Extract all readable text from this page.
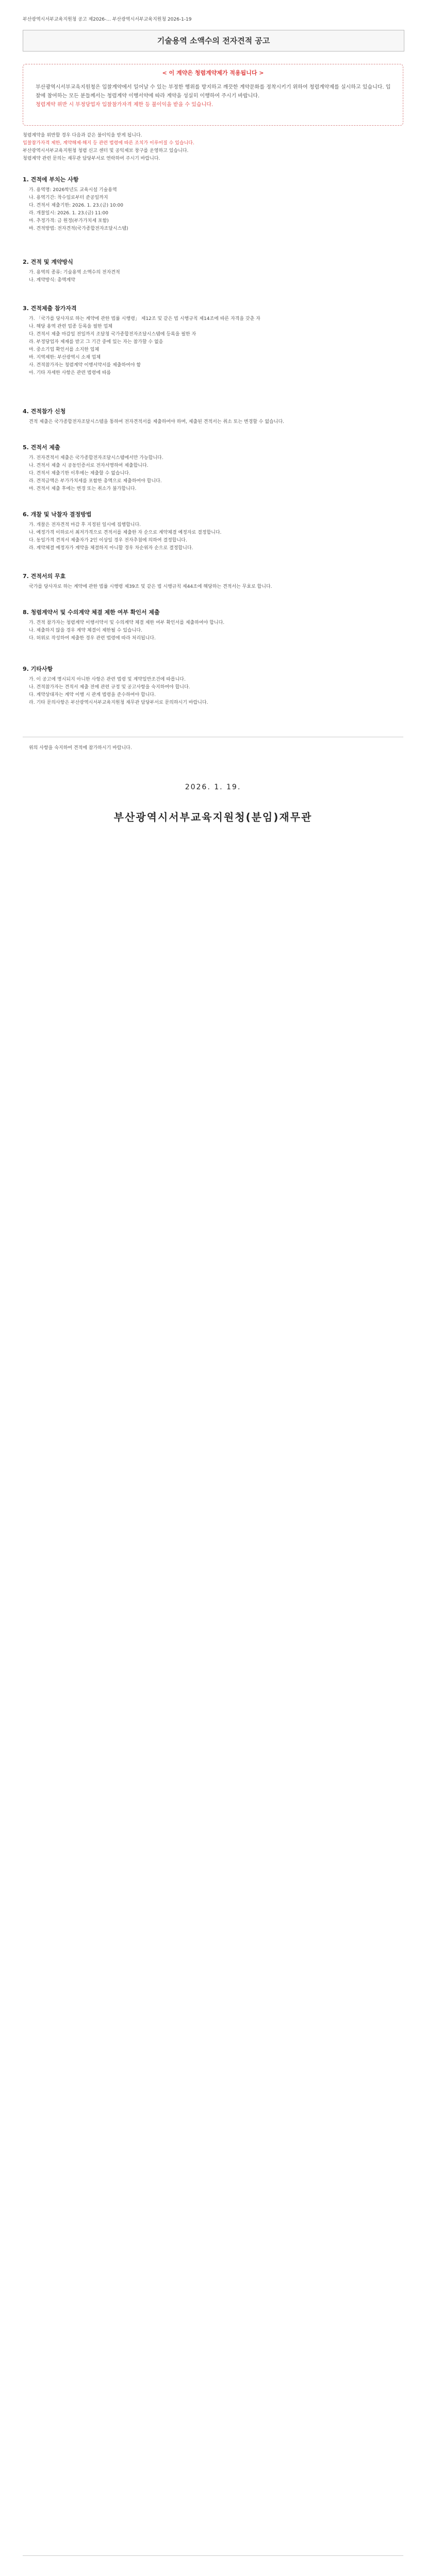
부산광역시서부교육지원청 공고 제2026-... 부산광역시서부교육지원청 2026-1-19
기술용역 소액수의 전자견적 공고
< 이 계약은 청렴계약제가 적용됩니다 >
부산광역시서부교육지원청은 입찰계약에서 일어날 수 있는 부정한 행위를 방지하고 깨끗한 계약문화를 정착시키기 위하여 청렴계약제를 실시하고 있습니다. 입찰에 참여하는 모든 분들께서는 청렴계약 이행서약에 따라 계약을 성실히 이행하여 주시기 바랍니다.
청렴계약 위반 시 부정당업자 입찰참가자격 제한 등 불이익을 받을 수 있습니다.
청렴계약을 위반할 경우 다음과 같은 불이익을 받게 됩니다.
입찰참가자격 제한, 계약해제·해지 등 관련 법령에 따른 조치가 이루어질 수 있습니다.
부산광역시서부교육지원청 청렴 신고 센터 및 공익제보 창구를 운영하고 있습니다.
청렴계약 관련 문의는 재무관 담당부서로 연락하여 주시기 바랍니다.
1. 견적에 부치는 사항
가. 용역명: 2026학년도 교육시설 기술용역
나. 용역기간: 착수일로부터 준공일까지
다. 견적서 제출기한: 2026. 1. 23.(금) 10:00
라. 개찰일시: 2026. 1. 23.(금) 11:00
마. 추정가격: 금 원정(부가가치세 포함)
바. 견적방법: 전자견적(국가종합전자조달시스템)
2. 견적 및 계약방식
가. 용역의 종류: 기술용역 소액수의 전자견적
나. 계약방식: 총액계약
3. 견적제출 참가자격
가. 「국가를 당사자로 하는 계약에 관한 법률 시행령」 제12조 및 같은 법 시행규칙 제14조에 따른 자격을 갖춘 자
나. 해당 용역 관련 업종 등록을 필한 업체
다. 견적서 제출 마감일 전일까지 조달청 국가종합전자조달시스템에 등록을 필한 자
라. 부정당업자 제재를 받고 그 기간 중에 있는 자는 참가할 수 없음
마. 중소기업 확인서를 소지한 업체
바. 지역제한: 부산광역시 소재 업체
사. 견적참가자는 청렴계약 이행서약서를 제출하여야 함
아. 기타 자세한 사항은 관련 법령에 따름
4. 견적참가 신청
견적 제출은 국가종합전자조달시스템을 통하여 전자견적서를 제출하여야 하며, 제출된 견적서는 취소 또는 변경할 수 없습니다.
5. 견적서 제출
가. 전자견적서 제출은 국가종합전자조달시스템에서만 가능합니다.
나. 견적서 제출 시 공동인증서로 전자서명하여 제출합니다.
다. 견적서 제출기한 이후에는 제출할 수 없습니다.
라. 견적금액은 부가가치세를 포함한 총액으로 제출하여야 합니다.
마. 견적서 제출 후에는 변경 또는 취소가 불가합니다.
6. 개찰 및 낙찰자 결정방법
가. 개찰은 전자견적 마감 후 지정된 일시에 집행합니다.
나. 예정가격 이하로서 최저가격으로 견적서를 제출한 자 순으로 계약체결 예정자로 결정합니다.
다. 동일가격 견적서 제출자가 2인 이상일 경우 전자추첨에 의하여 결정합니다.
라. 계약체결 예정자가 계약을 체결하지 아니할 경우 차순위자 순으로 결정합니다.
7. 견적서의 무효
국가를 당사자로 하는 계약에 관한 법률 시행령 제39조 및 같은 법 시행규칙 제44조에 해당하는 견적서는 무효로 합니다.
8. 청렴계약서 및 수의계약 체결 제한 여부 확인서 제출
가. 견적 참가자는 청렴계약 이행서약서 및 수의계약 체결 제한 여부 확인서를 제출하여야 합니다.
나. 제출하지 않을 경우 계약 체결이 제한될 수 있습니다.
다. 허위로 작성하여 제출한 경우 관련 법령에 따라 처리됩니다.
9. 기타사항
가. 이 공고에 명시되지 아니한 사항은 관련 법령 및 계약일반조건에 따릅니다.
나. 견적참가자는 견적서 제출 전에 관련 규정 및 공고사항을 숙지하여야 합니다.
다. 계약상대자는 계약 이행 시 관계 법령을 준수하여야 합니다.
라. 기타 문의사항은 부산광역시서부교육지원청 재무관 담당부서로 문의하시기 바랍니다.
위의 사항을 숙지하여 견적에 참가하시기 바랍니다.
2026. 1. 19.
부산광역시서부교육지원청(분임)재무관
